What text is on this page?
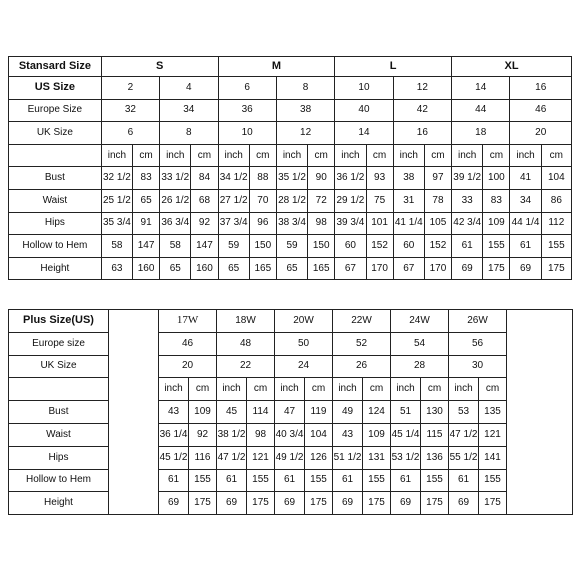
Stansard Size	S				M				L				XL			
US Size	2		4		6		8		10		12		14		16	
Europe Size	32		34		36		38		40		42		44		46	
UK Size	6		8		10		12		14		16		18		20	
	inch	cm	inch	cm	inch	cm	inch	cm	inch	cm	inch	cm	inch	cm	inch	cm
Bust	32 1/2	83	33 1/2	84	34 1/2	88	35 1/2	90	36 1/2	93	38	97	39 1/2	100	41	104
Waist	25 1/2	65	26 1/2	68	27 1/2	70	28 1/2	72	29 1/2	75	31	78	33	83	34	86
Hips	35 3/4	91	36 3/4	92	37 3/4	96	38 3/4	98	39 3/4	101	41 1/4	105	42 3/4	109	44 1/4	112
Hollow to Hem	58	147	58	147	59	150	59	150	60	152	60	152	61	155	61	155
Height	63	160	65	160	65	165	65	165	67	170	67	170	69	175	69	175
Plus Size(US)		17W		18W		20W		22W		24W		26W		
Europe size		46		48		50		52		54		56		
UK Size		20		22		24		26		28		30		
		inch	cm	inch	cm	inch	cm	inch	cm	inch	cm	inch	cm	
Bust		43	109	45	114	47	119	49	124	51	130	53	135	
Waist		36 1/4	92	38 1/2	98	40 3/4	104	43	109	45 1/4	115	47 1/2	121	
Hips		45 1/2	116	47 1/2	121	49 1/2	126	51 1/2	131	53 1/2	136	55 1/2	141	
Hollow to Hem		61	155	61	155	61	155	61	155	61	155	61	155	
Height		69	175	69	175	69	175	69	175	69	175	69	175	
